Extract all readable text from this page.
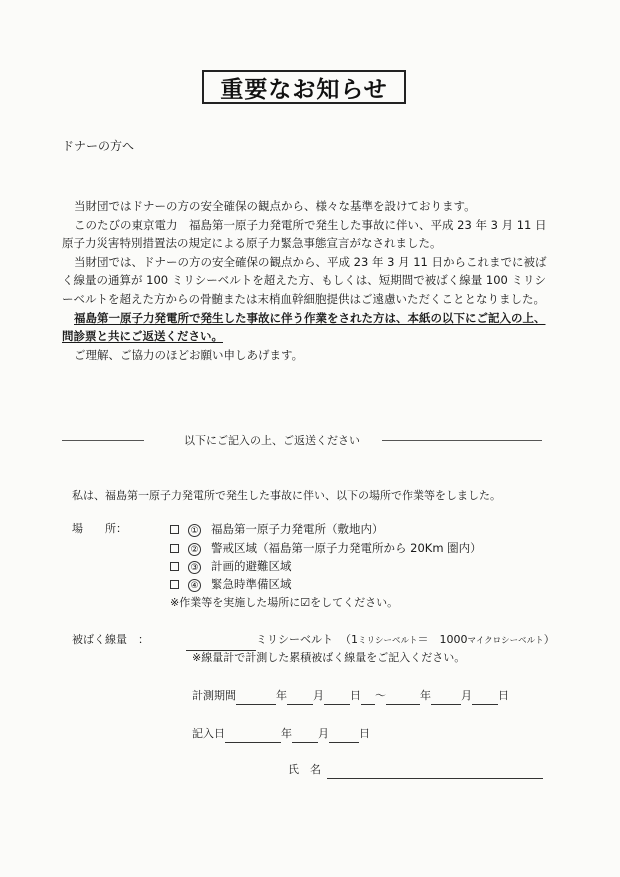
重要なお知らせ
ドナーの方へ

当財団ではドナーの方の安全確保の観点から、様々な基準を設けております。

このたびの東京電力　福島第一原子力発電所で発生した事故に伴い、平成 23 年 3 月 11 日原子力災害特別措置法の規定による原子力緊急事態宣言がなされました。

当財団では、ドナーの方の安全確保の観点から、平成 23 年 3 月 11 日からこれまでに被ばく線量の通算が 100 ミリシーベルトを超えた方、もしくは、短期間で被ばく線量 100 ミリシーベルトを超えた方からの骨髄または末梢血幹細胞提供はご遠慮いただくこととなりました。

福島第一原子力発電所で発生した事故に伴う作業をされた方は、本紙の以下にご記入の上、問診票と共にご返送ください。

ご理解、ご協力のほどお願い申しあげます。

以下にご記入の上、ご返送ください
私は、福島第一原子力発電所で発生した事故に伴い、以下の場所で作業等をしました。
場　　所：	① 福島第一原子力発電所（敷地内）
② 警戒区域（福島第一原子力発電所から 20Km 圏内）
③ 計画的避難区域
④ 緊急時準備区域
※作業等を実施した場所に☑をしてください。
被ばく線量　：	ミリシーベルト （1ミリシーベルト＝　1000マイクロシーベルト）
※線量計で計測した累積被ばく線量をご記入ください。
計測期間	年 月 日 ～	年	月 日
記入日	年 月	日
氏　名
